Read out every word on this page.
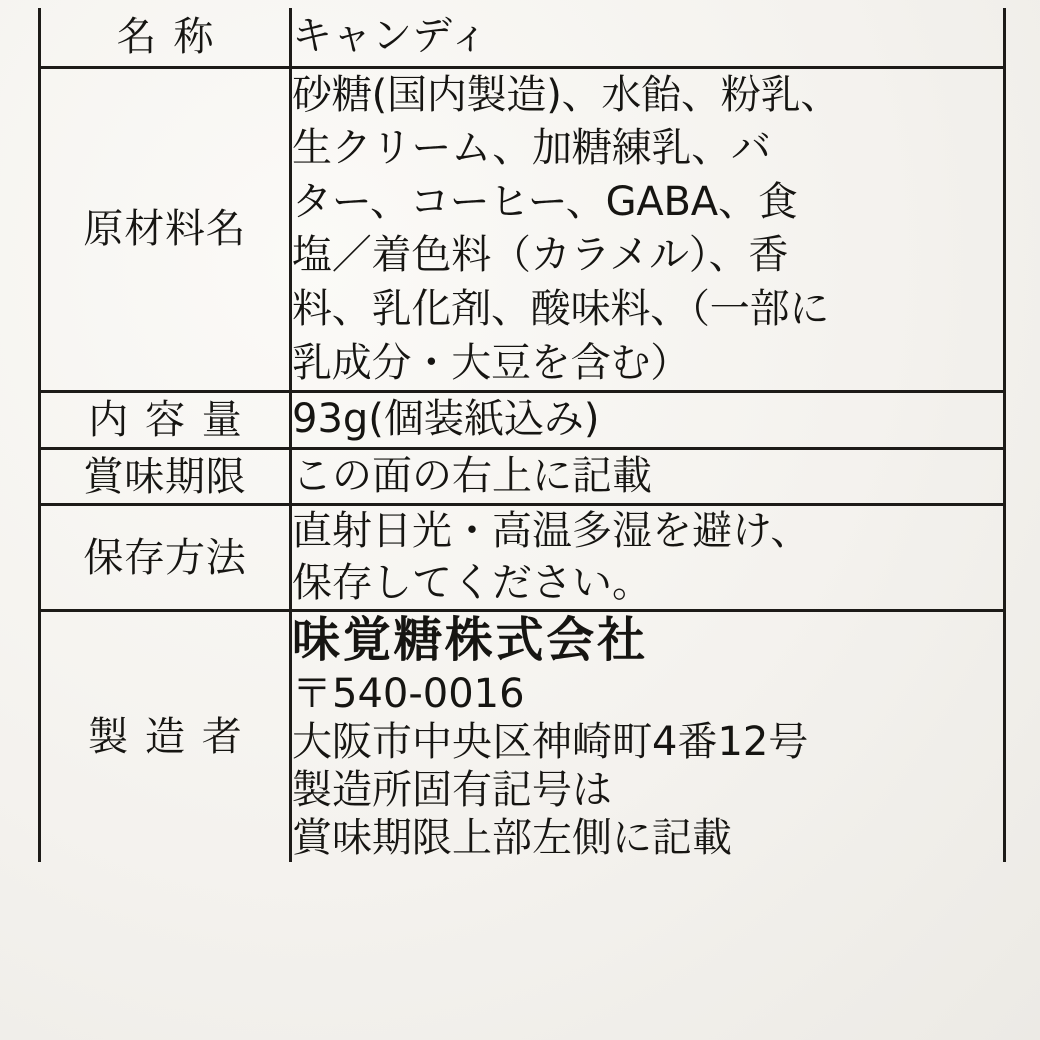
名称	キャンディ

原材料名	
砂糖(国内製造)、水飴、粉乳、
生クリーム、加糖練乳、バ
ター、コーヒー、GABA、食
塩／着色料（カラメル）、香
料、乳化剤、酸味料、（一部に
乳成分・大豆を含む）

内容量	93g(個装紙込み)

賞味期限	この面の右上に記載

保存方法	直射日光・高温多湿を避け、
保存してください。

製造者	味覚糖株式会社
〒540-0016
大阪市中央区神崎町4番12号
製造所固有記号は
賞味期限上部左側に記載
